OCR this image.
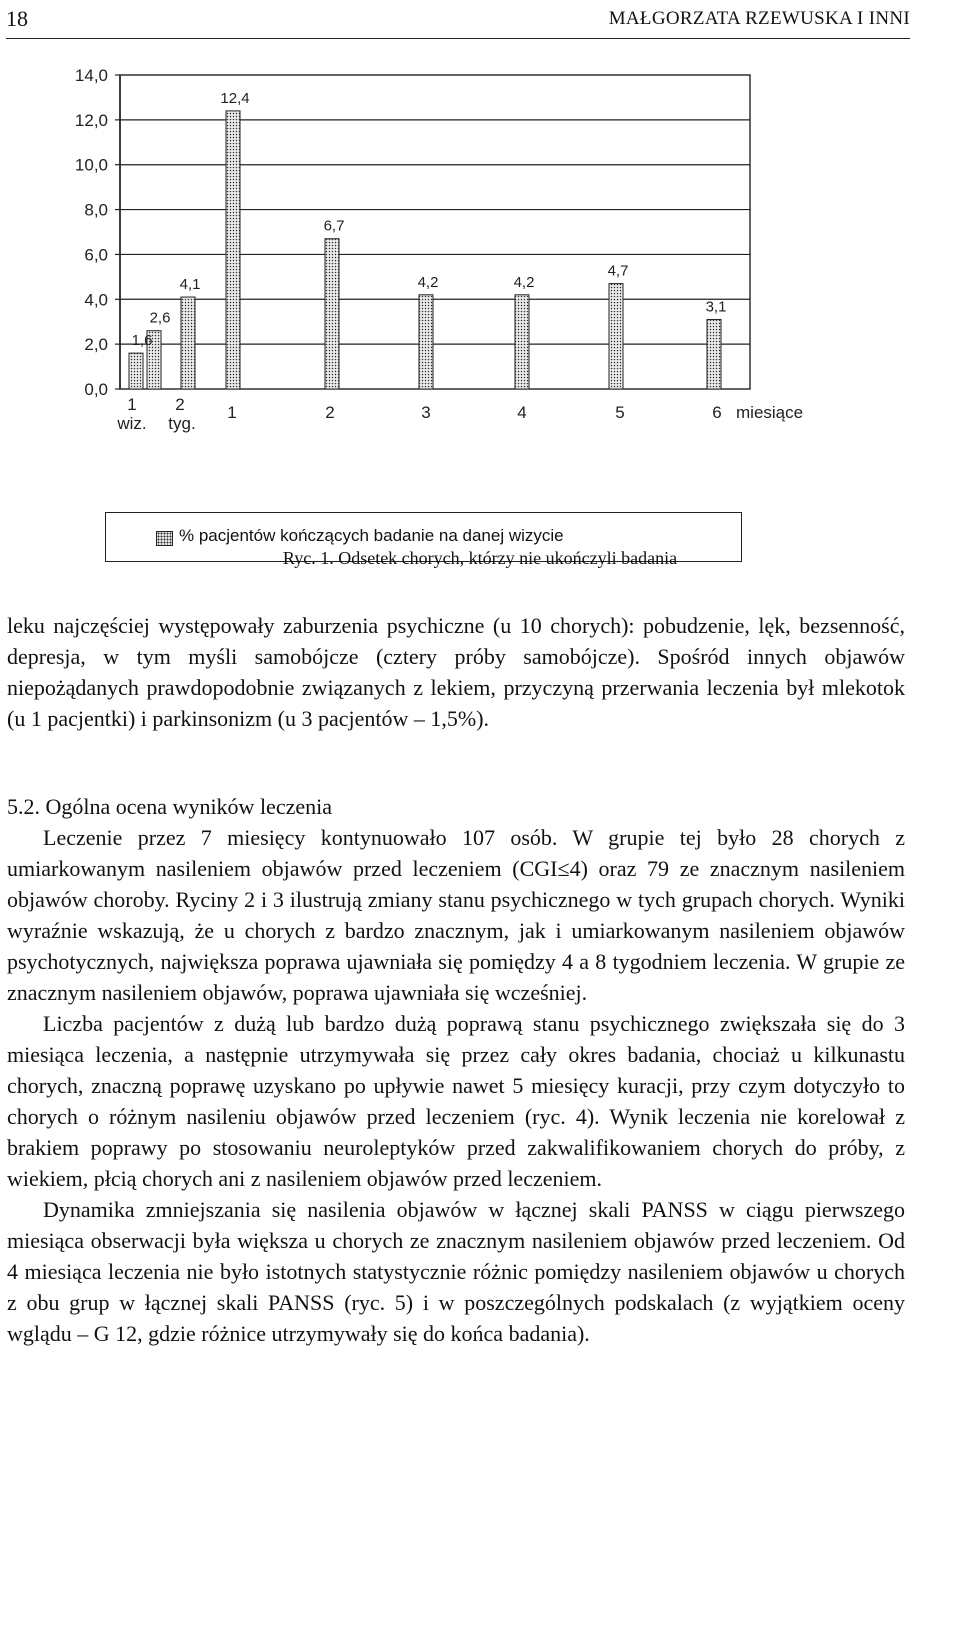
18	MAŁGORZATA RZEWUSKA I INNI
0,0
2,0
4,0
6,0
8,0
10,0
12,0
14,0
1,6
2,6
4,1
12,4
6,7
4,2	4,2
4,7
3,1
1 2	1	2	3	4	5	6
wiz. tyg.
miesiące
% pacjentów kończących badanie na danej wizycie
Ryc. 1. Odsetek chorych, którzy nie ukończyli badania

leku najczęściej występowały zaburzenia psychiczne (u 10 chorych): pobudzenie, lęk, bezsenność, depresja, w tym myśli samobójcze (cztery próby samobójcze). Spośród innych objawów niepożądanych prawdopodobnie związanych z lekiem, przyczyną przerwania leczenia był mlekotok (u 1 pacjentki) i parkinsonizm (u 3 pacjentów – 1,5%).

5.2. Ogólna ocena wyników leczenia

Leczenie przez 7 miesięcy kontynuowało 107 osób. W grupie tej było 28 chorych z umiarkowanym nasileniem objawów przed leczeniem (CGI≤4) oraz 79 ze znacznym nasileniem objawów choroby. Ryciny 2 i 3 ilustrują zmiany stanu psychicznego w tych grupach chorych. Wyniki wyraźnie wskazują, że u chorych z bardzo znacznym, jak i umiarkowanym nasileniem objawów psychotycznych, największa poprawa ujawniała się pomiędzy 4 a 8 tygodniem leczenia. W grupie ze znacznym nasileniem objawów, poprawa ujawniała się wcześniej.

Liczba pacjentów z dużą lub bardzo dużą poprawą stanu psychicznego zwiększała się do 3 miesiąca leczenia, a następnie utrzymywała się przez cały okres badania, chociaż u kilkunastu chorych, znaczną poprawę uzyskano po upływie nawet 5 miesięcy kuracji, przy czym dotyczyło to chorych o różnym nasileniu objawów przed leczeniem (ryc. 4). Wynik leczenia nie korelował z brakiem poprawy po stosowaniu neuroleptyków przed zakwalifikowaniem chorych do próby, z wiekiem, płcią chorych ani z nasileniem objawów przed leczeniem.

Dynamika zmniejszania się nasilenia objawów w łącznej skali PANSS w ciągu pierwszego miesiąca obserwacji była większa u chorych ze znacznym nasileniem objawów przed leczeniem. Od 4 miesiąca leczenia nie było istotnych statystycznie różnic pomiędzy nasileniem objawów u chorych z obu grup w łącznej skali PANSS (ryc. 5) i w poszczególnych podskalach (z wyjątkiem oceny wglądu – G 12, gdzie różnice utrzymywały się do końca badania).
